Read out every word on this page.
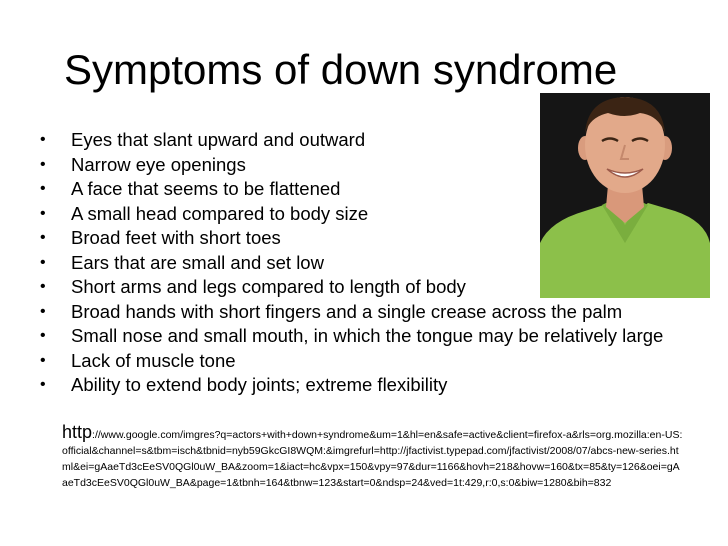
Symptoms of down syndrome
• Eyes that slant upward and outward
• Narrow eye openings
• A face that seems to be flattened
• A small head compared to body size
• Broad feet with short toes
• Ears that are small and set low
• Short arms and legs compared to length of body
• Broad hands with short fingers and a single crease across the palm
• Small nose and small mouth, in which the tongue may be relatively large
• Lack of muscle tone
• Ability to extend body joints; extreme flexibility
http://www.google.com/imgres?q=actors+with+down+syndrome&um=1&hl=en&safe=active&client=firefox-a&rls=org.mozilla:en-US:official&channel=s&tbm=isch&tbnid=nyb59GkcGI8WQM:&imgrefurl=http://jfactivist.typepad.com/jfactivist/2008/07/abcs-new-series.html&ei=gAaeTd3cEeSV0QGl0uW_BA&zoom=1&iact=hc&vpx=150&vpy=97&dur=1166&hovh=218&hovw=160&tx=85&ty=126&oei=gAaeTd3cEeSV0QGl0uW_BA&page=1&tbnh=164&tbnw=123&start=0&ndsp=24&ved=1t:429,r:0,s:0&biw=1280&bih=832
